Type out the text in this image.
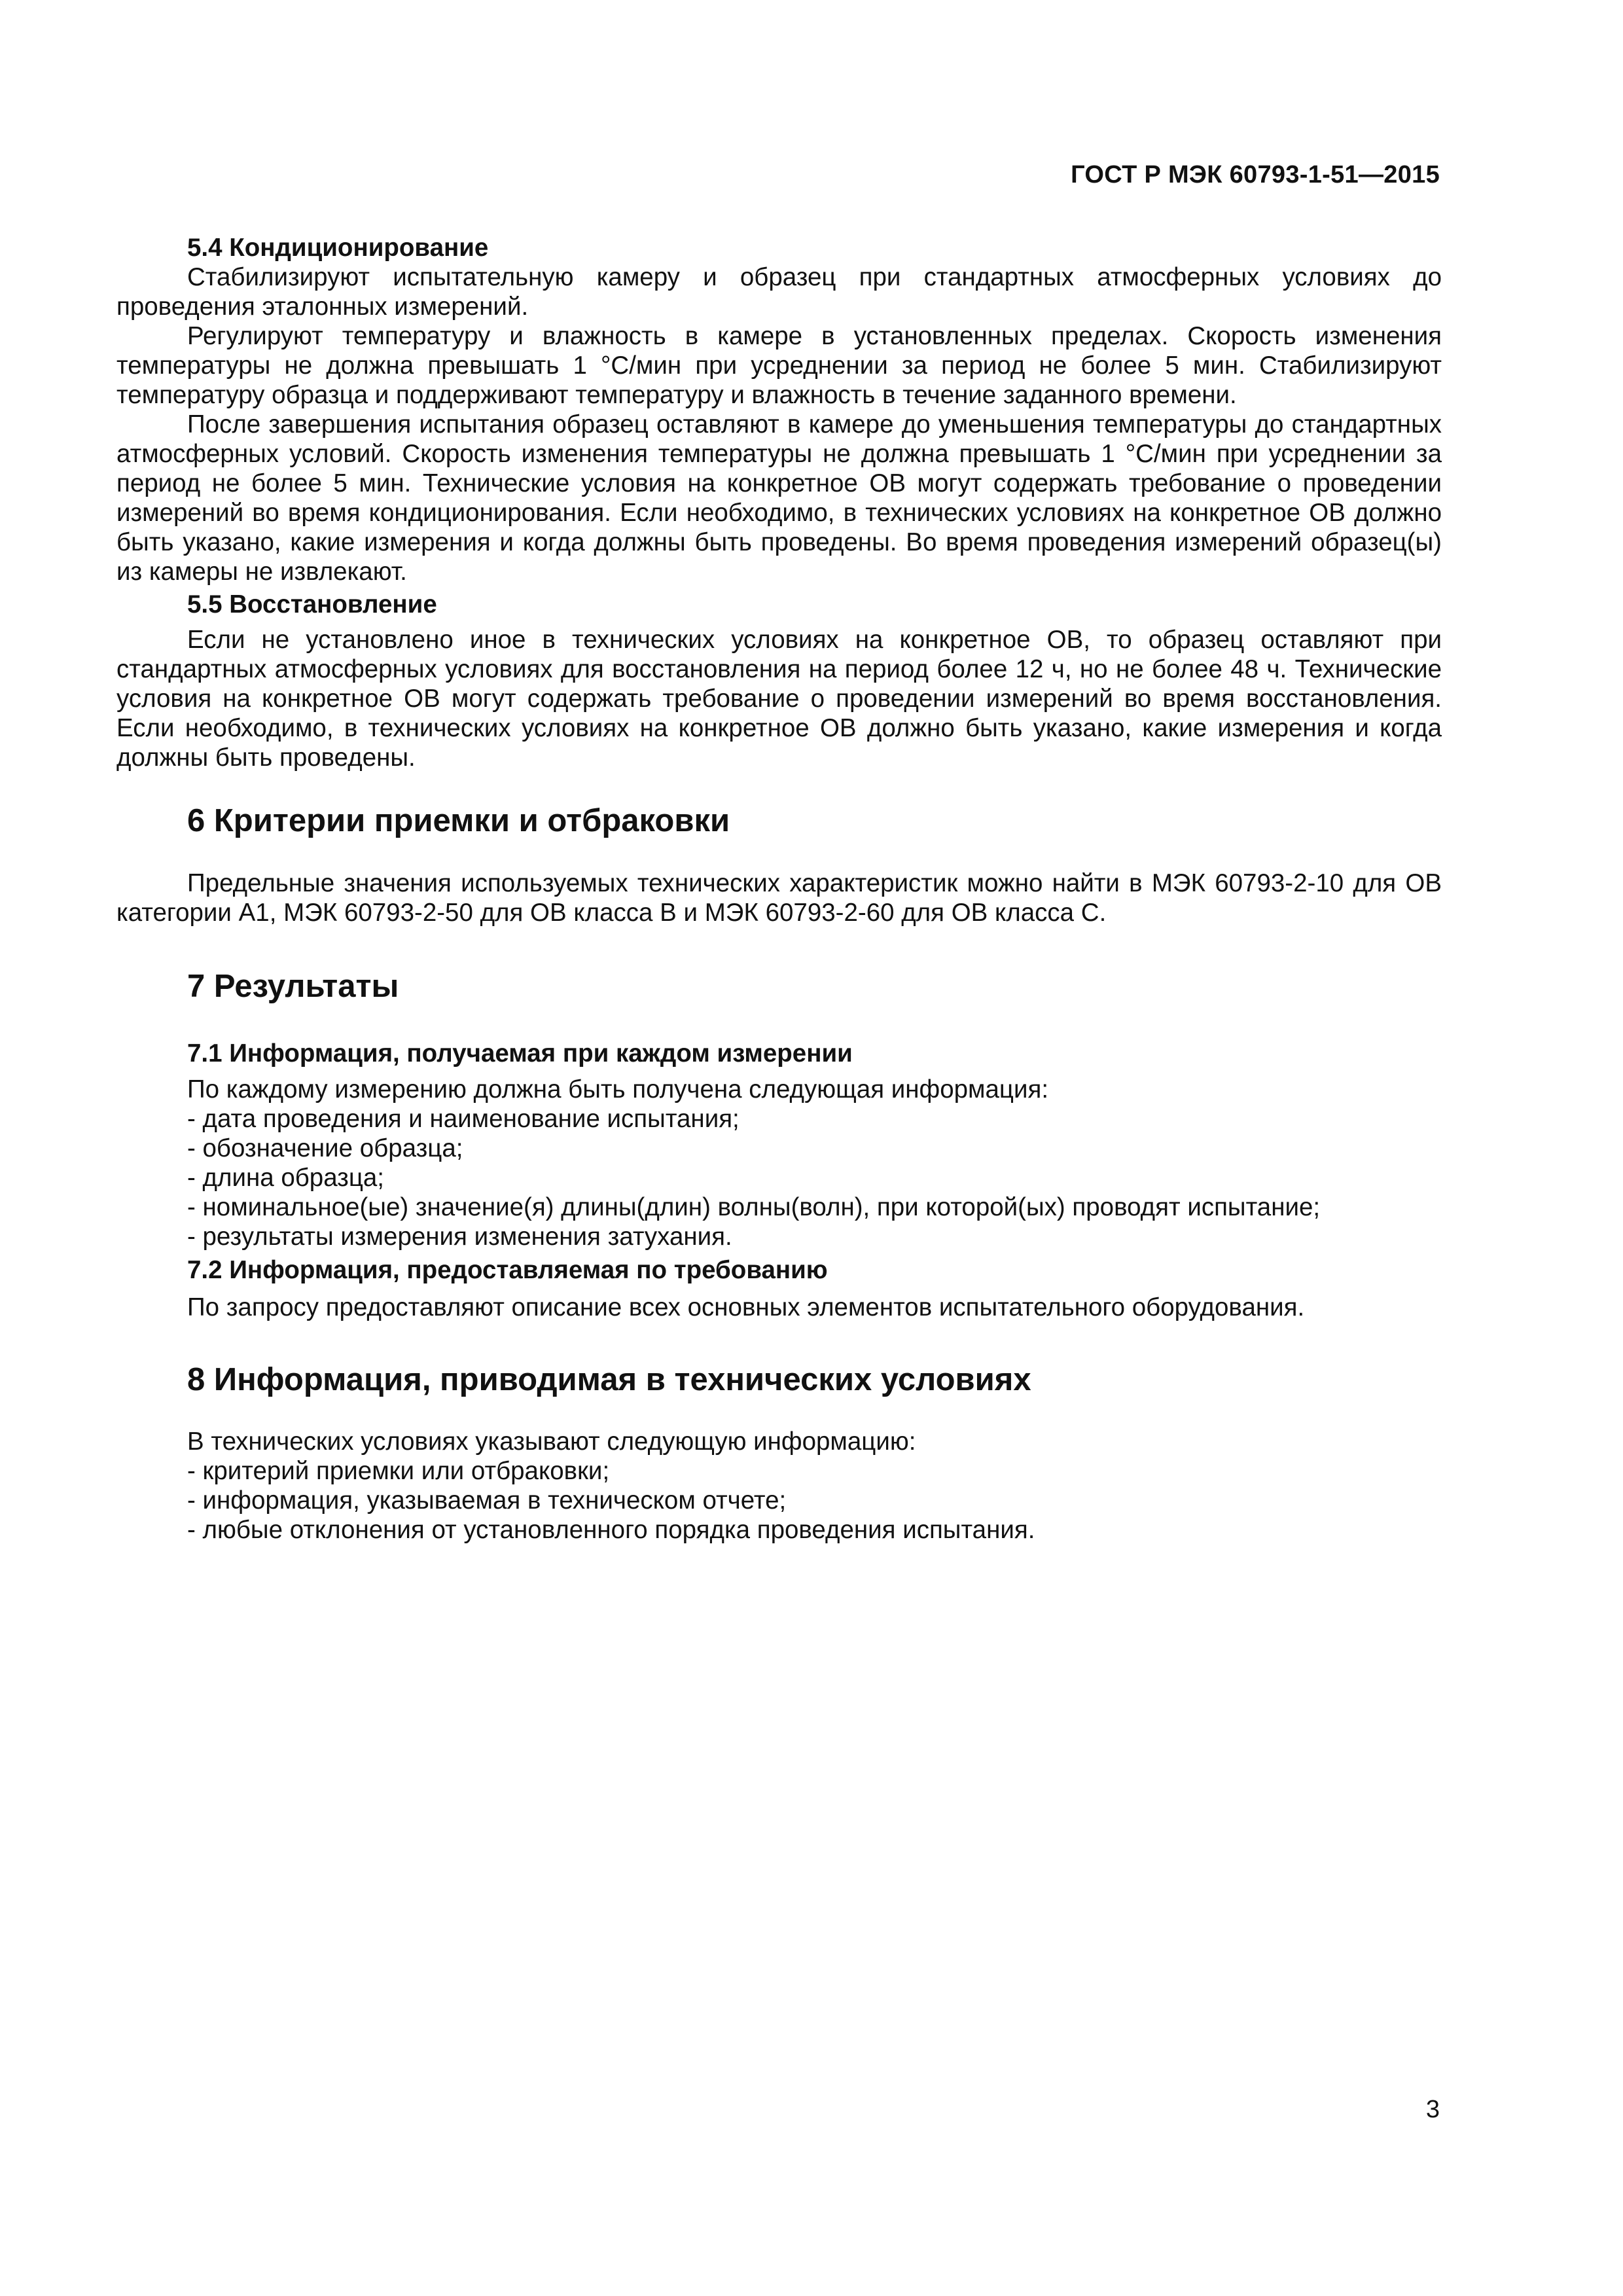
ГОСТ Р МЭК 60793-1-51—2015
5.4 Кондиционирование

Стабилизируют испытательную камеру и образец при стандартных атмосферных условиях до проведения эталонных измерений.

Регулируют температуру и влажность в камере в установленных пределах. Скорость изменения температуры не должна превышать 1 °С/мин при усреднении за период не более 5 мин. Стабилизируют температуру образца и поддерживают температуру и влажность в течение заданного времени.

После завершения испытания образец оставляют в камере до уменьшения температуры до стандартных атмосферных условий. Скорость изменения температуры не должна превышать 1 °С/мин при усреднении за период не более 5 мин. Технические условия на конкретное ОВ могут содержать требование о проведении измерений во время кондиционирования. Если необходимо, в технических условиях на конкретное ОВ должно быть указано, какие измерения и когда должны быть проведены. Во время проведения измерений образец(ы) из камеры не извлекают.

5.5 Восстановление

Если не установлено иное в технических условиях на конкретное ОВ, то образец оставляют при стандартных атмосферных условиях для восстановления на период более 12 ч, но не более 48 ч. Технические условия на конкретное ОВ могут содержать требование о проведении измерений во время восстановления. Если необходимо, в технических условиях на конкретное ОВ должно быть указано, какие измерения и когда должны быть проведены.

6 Критерии приемки и отбраковки

Предельные значения используемых технических характеристик можно найти в МЭК 60793-2-10 для ОВ категории А1, МЭК 60793-2-50 для ОВ класса В и МЭК 60793-2-60 для ОВ класса С.

7 Результаты
7.1 Информация, получаемая при каждом измерении

По каждому измерению должна быть получена следующая информация:

- дата проведения и наименование испытания;
- обозначение образца;
- длина образца;
- номинальное(ые) значение(я) длины(длин) волны(волн), при которой(ых) проводят испытание;
- результаты измерения изменения затухания.
7.2 Информация, предоставляемая по требованию

По запросу предоставляют описание всех основных элементов испытательного оборудования.

8 Информация, приводимая в технических условиях

В технических условиях указывают следующую информацию:

- критерий приемки или отбраковки;
- информация, указываемая в техническом отчете;
- любые отклонения от установленного порядка проведения испытания.
3
